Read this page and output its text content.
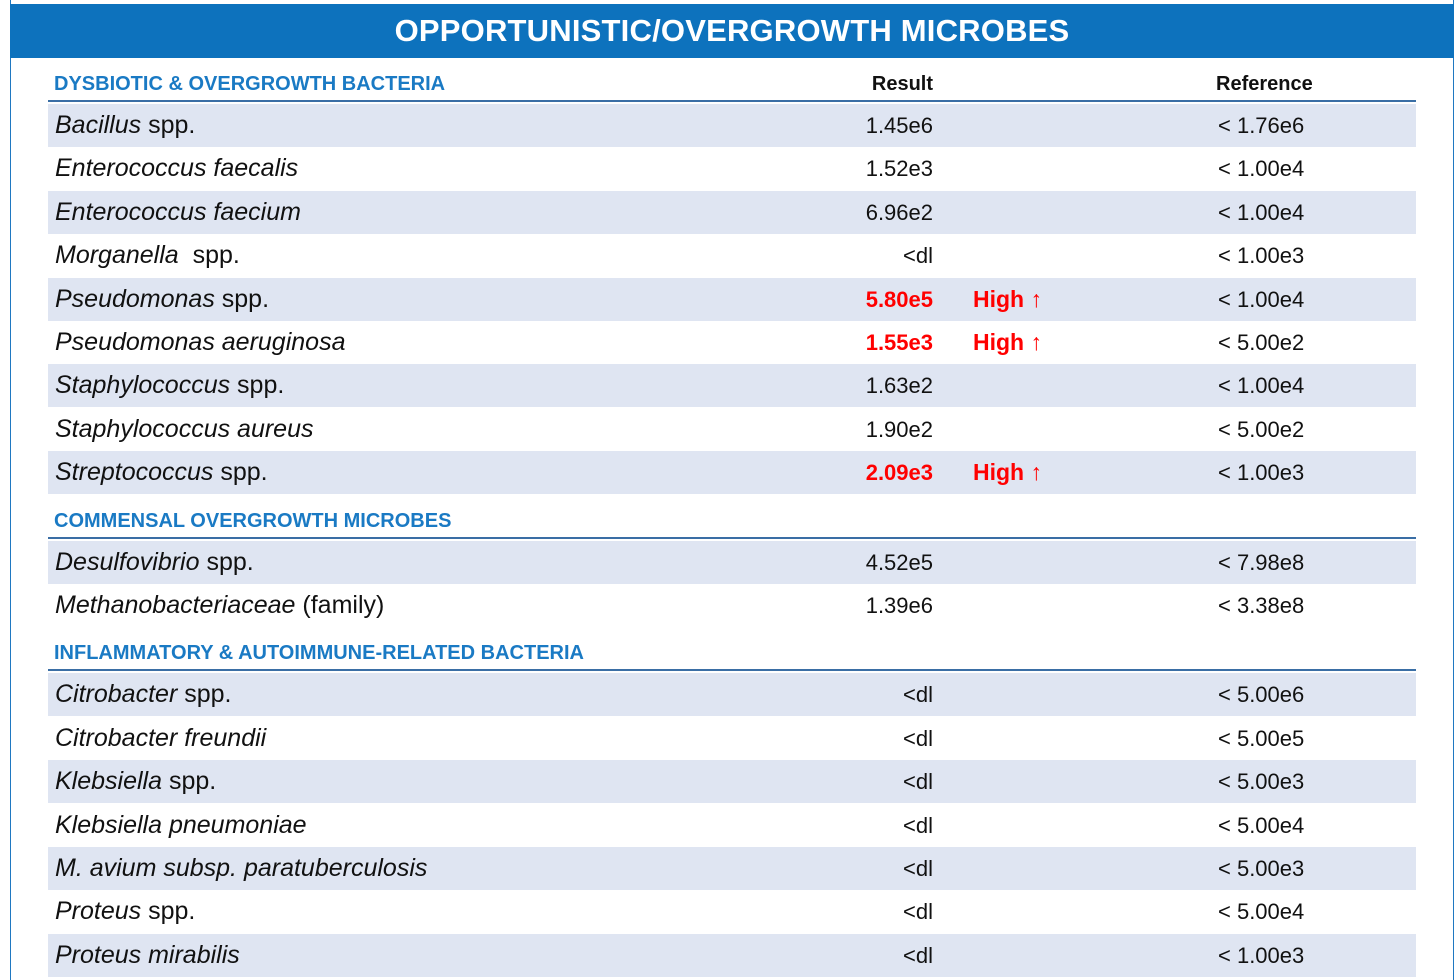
OPPORTUNISTIC/OVERGROWTH MICROBES
DYSBIOTIC & OVERGROWTH BACTERIA	Result	Reference
Bacillus spp.	1.45e6	< 1.76e6
Enterococcus faecalis	1.52e3	< 1.00e4
Enterococcus faecium	6.96e2	< 1.00e4
Morganella  spp.	<dl	< 1.00e3
Pseudomonas spp.	5.80e5 High ↑	< 1.00e4
Pseudomonas aeruginosa	1.55e3 High ↑	< 5.00e2
Staphylococcus spp.	1.63e2	< 1.00e4
Staphylococcus aureus	1.90e2	< 5.00e2
Streptococcus spp.	2.09e3 High ↑	< 1.00e3
COMMENSAL OVERGROWTH MICROBES
Desulfovibrio spp.	4.52e5	< 7.98e8
Methanobacteriaceae (family)	1.39e6	< 3.38e8
INFLAMMATORY & AUTOIMMUNE-RELATED BACTERIA
Citrobacter spp.	<dl	< 5.00e6
Citrobacter freundii	<dl	< 5.00e5
Klebsiella spp.	<dl	< 5.00e3
Klebsiella pneumoniae	<dl	< 5.00e4
M. avium subsp. paratuberculosis	<dl	< 5.00e3
Proteus spp.	<dl	< 5.00e4
Proteus mirabilis	<dl	< 1.00e3
